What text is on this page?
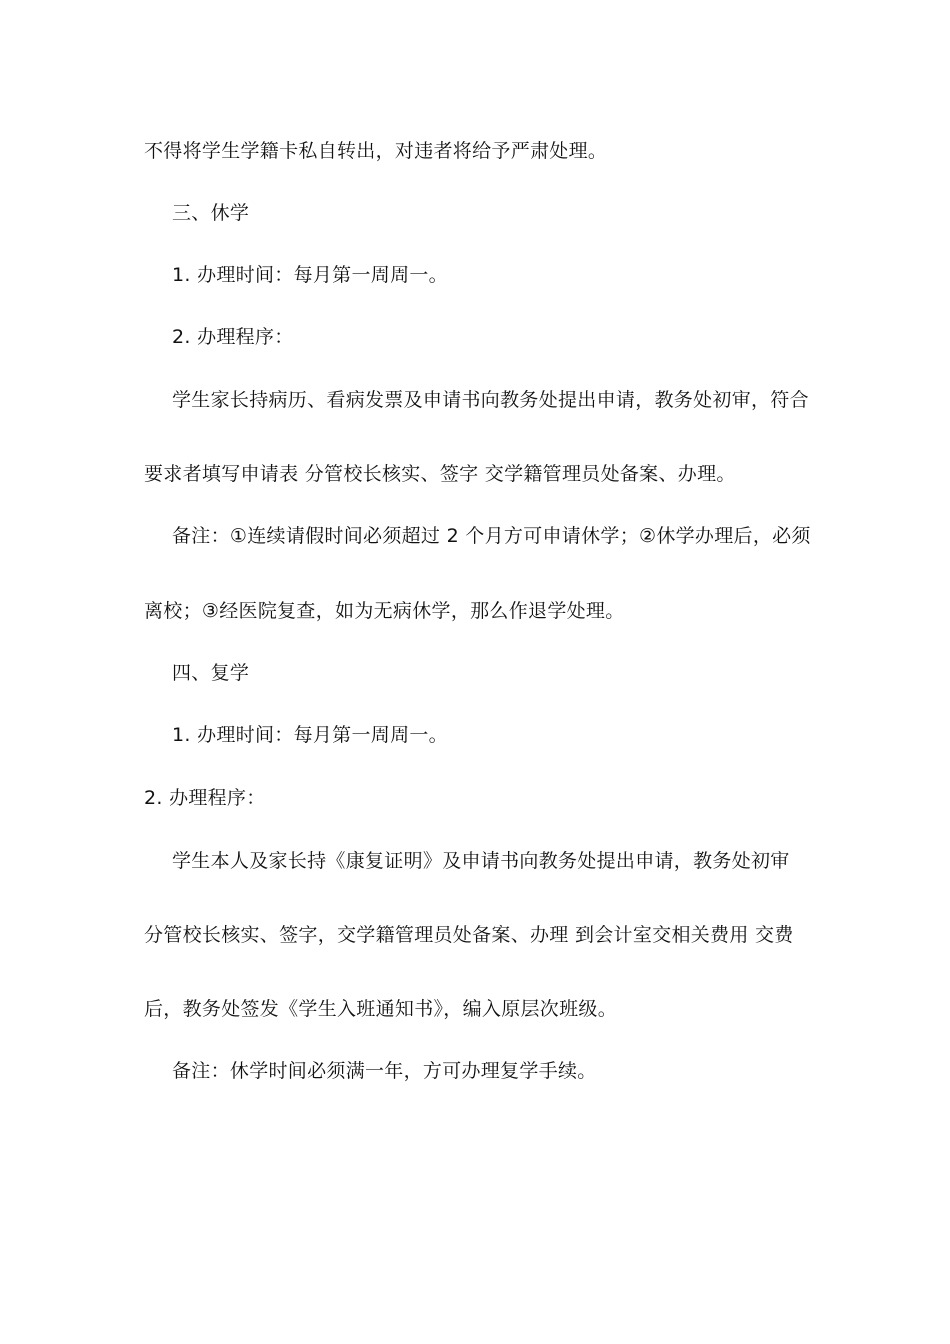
不得将学生学籍卡私自转出，对违者将给予严肃处理。
三、休学
1. 办理时间：每月第一周周一。
2. 办理程序：
学生家长持病历、看病发票及申请书向教务处提出申请，教务处初审，符合
要求者填写申请表 分管校长核实、签字 交学籍管理员处备案、办理。
备注：①连续请假时间必须超过 2 个月方可申请休学；②休学办理后，必须
离校；③经医院复查，如为无病休学，那么作退学处理。
四、复学
1. 办理时间：每月第一周周一。
2. 办理程序：
学生本人及家长持《康复证明》及申请书向教务处提出申请，教务处初审
分管校长核实、签字，交学籍管理员处备案、办理 到会计室交相关费用 交费
后，教务处签发《学生入班通知书》，编入原层次班级。
备注：休学时间必须满一年，方可办理复学手续。
